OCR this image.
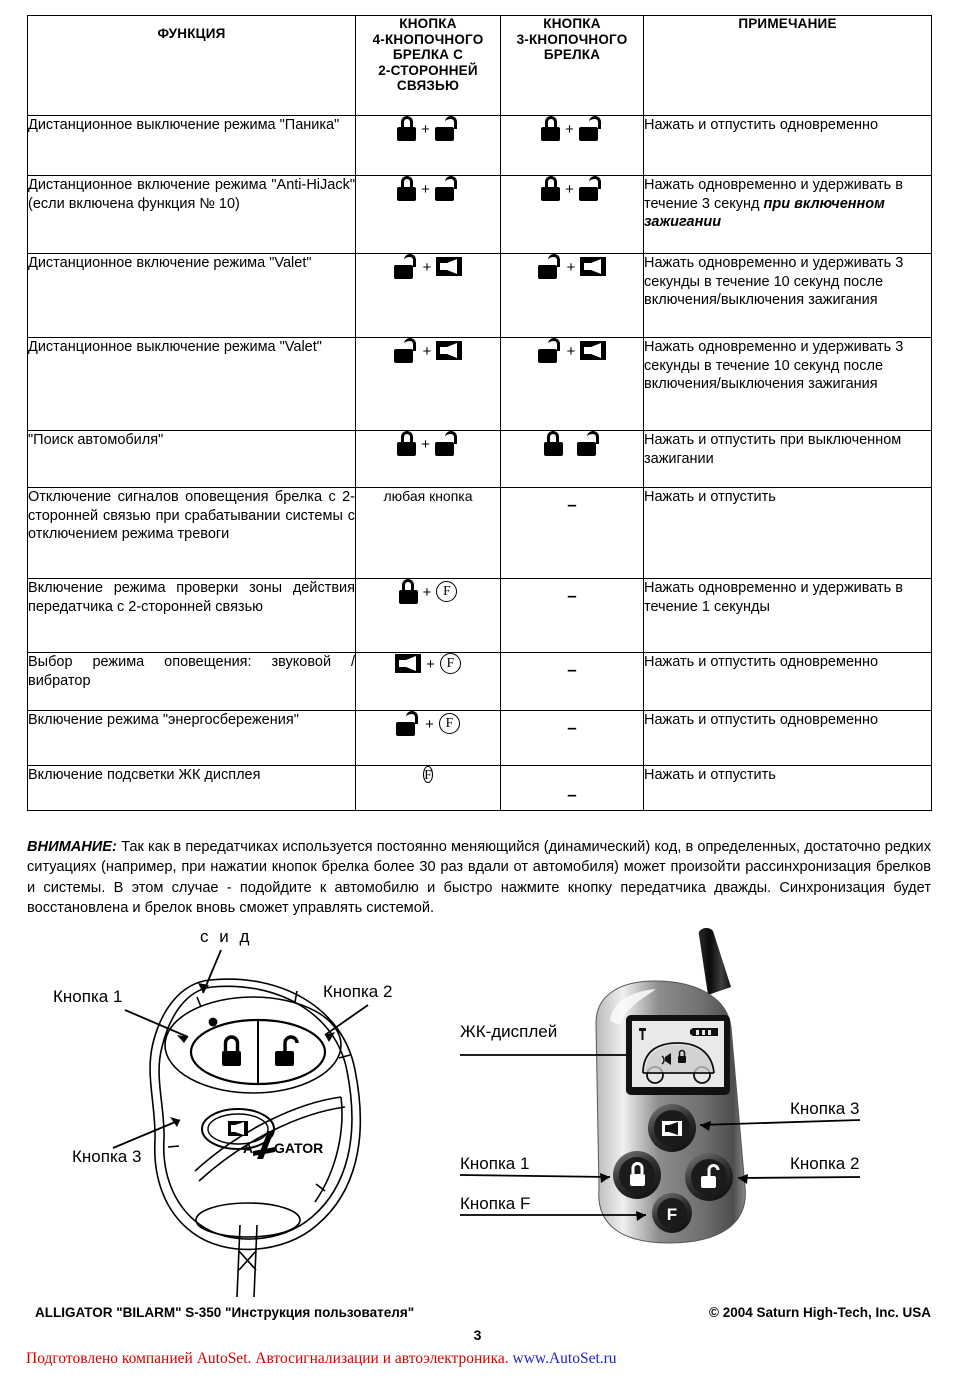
ФУНКЦИЯ	КНОПКА
4-КНОПОЧНОГО
БРЕЛКА С
2-СТОРОННЕЙ
СВЯЗЬЮ	КНОПКА
3-КНОПОЧНОГО
БРЕЛКА	ПРИМЕЧАНИЕ
Дистанционное выключение режима "Паника"	+	+	Нажать и отпустить одновременно
Дистанционное включение режима "Anti-HiJack" (если включена функция № 10)	+	+	Нажать одновременно и удерживать в течение 3 секунд при включенном зажигании
Дистанционное включение режима "Valet"	+	+	Нажать одновременно и удерживать 3 секунды в течение 10 секунд после включения/выключения зажигания
Дистанционное выключение режима "Valet"	+	+	Нажать одновременно и удерживать 3 секунды в течение 10 секунд после включения/выключения зажигания
"Поиск автомобиля"	+		Нажать и отпустить при выключенном зажигании
Отключение сигналов оповещения брелка с 2-сторонней связью при срабатывании системы с отключением режима тревоги	любая кнопка	–	Нажать и отпустить
Включение режима проверки зоны действия передатчика с 2-сторонней связью	+ F	–	Нажать одновременно и удерживать в течение 1 секунды
Выбор режима оповещения: звуковой / вибратор	+ F	–	Нажать и отпустить одновременно
Включение режима "энергосбережения"	+ F	–	Нажать и отпустить одновременно
Включение подсветки ЖК дисплея	F	–	Нажать и отпустить

ВНИМАНИЕ: Так как в передатчиках используется постоянно меняющийся (динамический) код, в определенных, достаточно редких ситуациях (например, при нажатии кнопок брелка более 30 раз вдали от автомобиля) может произойти рассинхронизация брелков и системы. В этом случае - подойдите к автомобилю и быстро нажмите кнопку передатчика дважды. Синхронизация будет восстановлена и брелок вновь сможет управлять системой.

A GATOR
с и д
Кнопка 1	Кнопка 2
Кнопка 3
F
ЖК-дисплей
Кнопка 3
Кнопка 1	Кнопка 2
Кнопка F
ALLIGATOR "BILARM" S-350 "Инструкция пользователя"	© 2004 Saturn High-Tech, Inc. USA
3
Подготовлено компанией AutoSet. Автосигнализации и автоэлектроника. www.AutoSet.ru
